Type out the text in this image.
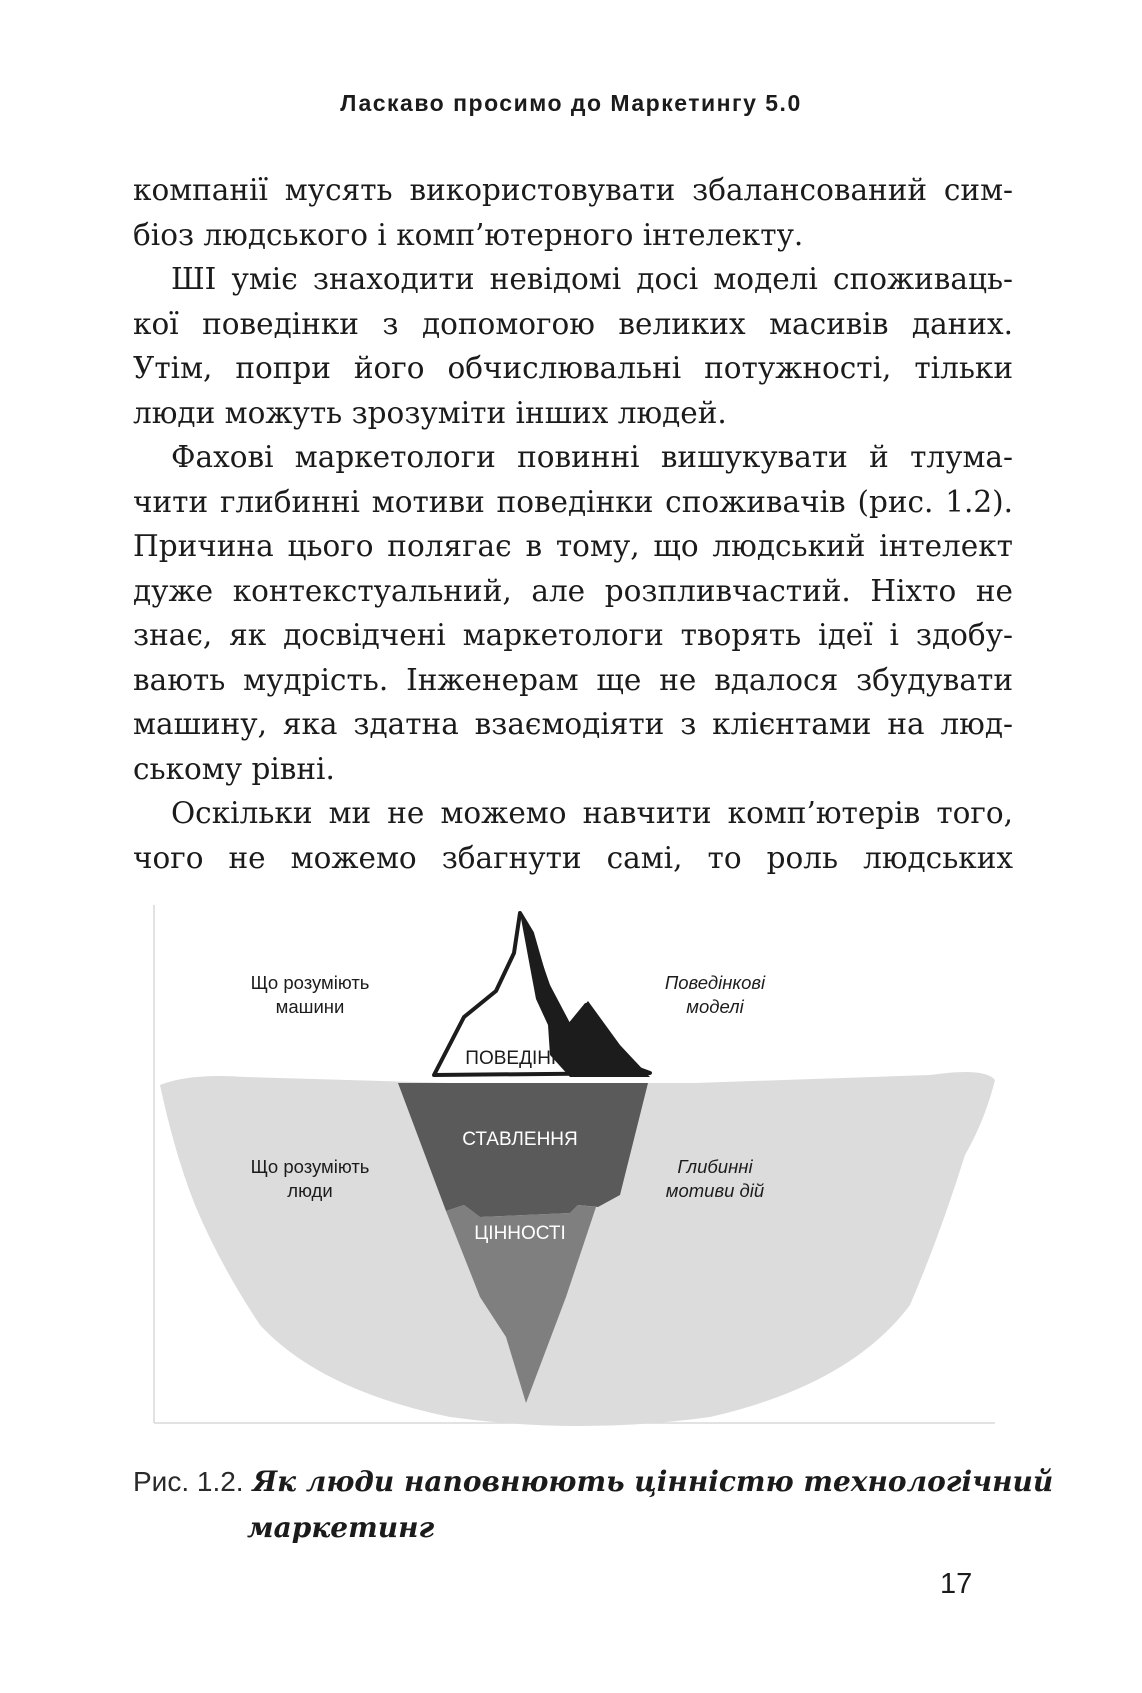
Ласкаво просимо до Маркетингу 5.0
компанії мусять використовувати збалансований сим-
біоз людського і комп’ютерного інтелекту.
ШІ уміє знаходити невідомі досі моделі споживаць-
кої поведінки з допомогою великих масивів даних.
Утім, попри його обчислювальні потужності, тільки
люди можуть зрозуміти інших людей.
Фахові маркетологи повинні вишукувати й тлума-
чити глибинні мотиви поведінки споживачів (рис. 1.2).
Причина цього полягає в тому, що людський інтелект
дуже контекстуальний, але розпливчастий. Ніхто не
знає, як досвідчені маркетологи творять ідеї і здобу-
вають мудрість. Інженерам ще не вдалося збудувати
машину, яка здатна взаємодіяти з клієнтами на люд-
ському рівні.
Оскільки ми не можемо навчити комп’ютерів того,
чого не можемо збагнути самі, то роль людських
ПОВЕДІНКА
СТАВЛЕННЯ
ЦІННОСТІ
Що розуміють
машини
Поведінкові
моделі
Що розуміють
люди
Глибинні
мотиви дій
Рис. 1.2. Як люди наповнюють цінністю технологічний
маркетинг
17
